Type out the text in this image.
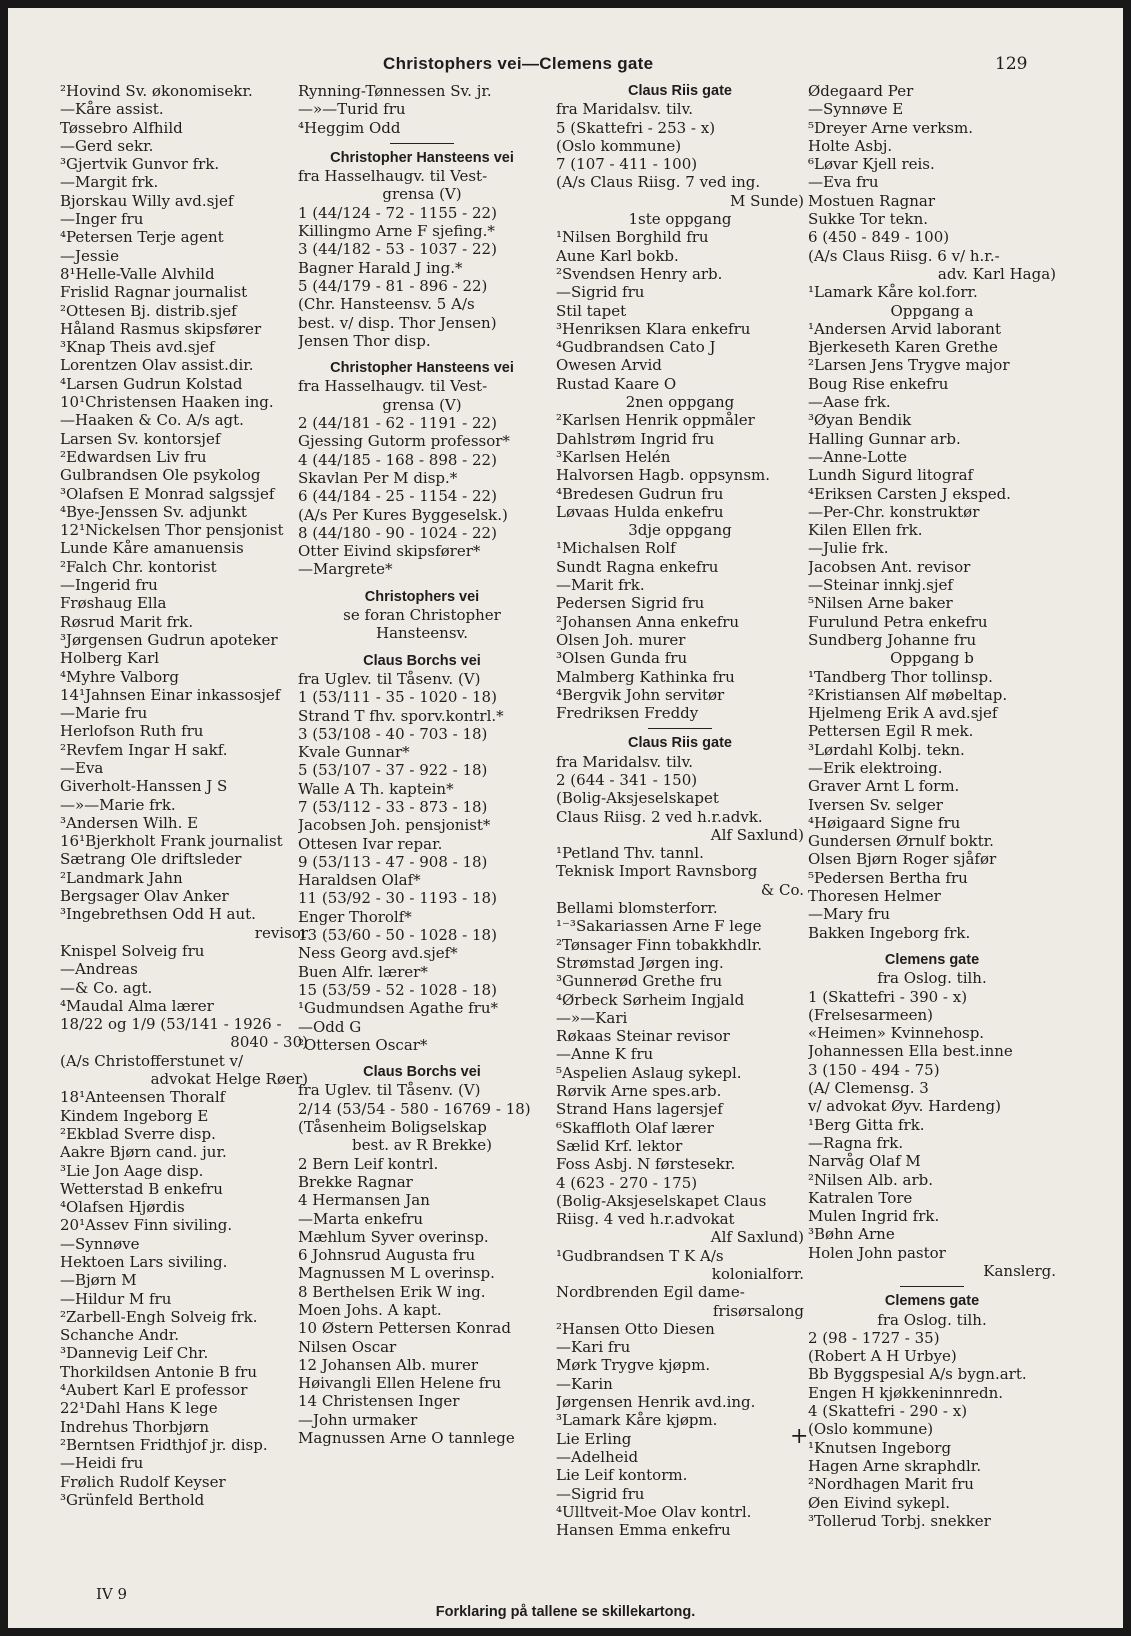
Christophers vei—Clemens gate	129
²Hovind Sv. økonomisekr.
—Kåre assist.
Tøssebro Alfhild
—Gerd sekr.
³Gjertvik Gunvor frk.
—Margit frk.
Bjorskau Willy avd.sjef
—Inger fru
⁴Petersen Terje agent
—Jessie
8¹Helle-Valle Alvhild
Frislid Ragnar journalist
²Ottesen Bj. distrib.sjef
Håland Rasmus skipsfører
³Knap Theis avd.sjef
Lorentzen Olav assist.dir.
⁴Larsen Gudrun Kolstad
10¹Christensen Haaken ing.
—Haaken & Co. A/s agt.
Larsen Sv. kontorsjef
²Edwardsen Liv fru
Gulbrandsen Ole psykolog
³Olafsen E Monrad salgssjef
⁴Bye-Jenssen Sv. adjunkt
12¹Nickelsen Thor pensjonist
Lunde Kåre amanuensis
²Falch Chr. kontorist
—Ingerid fru
Frøshaug Ella
Røsrud Marit frk.
³Jørgensen Gudrun apoteker
Holberg Karl
⁴Myhre Valborg
14¹Jahnsen Einar inkassosjef
—Marie fru
Herlofson Ruth fru
²Revfem Ingar H sakf.
—Eva
Giverholt-Hanssen J S
—»—Marie frk.
³Andersen Wilh. E
16¹Bjerkholt Frank journalist
Sætrang Ole driftsleder
²Landmark Jahn
Bergsager Olav Anker
³Ingebrethsen Odd H aut.
revisor
Knispel Solveig fru
—Andreas
—& Co. agt.
⁴Maudal Alma lærer
18/22 og 1/9 (53/141 - 1926 -
8040 - 30)
(A/s Christofferstunet v/
advokat Helge Røer)
18¹Anteensen Thoralf
Kindem Ingeborg E
²Ekblad Sverre disp.
Aakre Bjørn cand. jur.
³Lie Jon Aage disp.
Wetterstad B enkefru
⁴Olafsen Hjørdis
20¹Assev Finn siviling.
—Synnøve
Hektoen Lars siviling.
—Bjørn M
—Hildur M fru
²Zarbell-Engh Solveig frk.
Schanche Andr.
³Dannevig Leif Chr.
Thorkildsen Antonie B fru
⁴Aubert Karl E professor
22¹Dahl Hans K lege
Indrehus Thorbjørn
²Berntsen Fridthjof jr. disp.
—Heidi fru
Frølich Rudolf Keyser
³Grünfeld Berthold
Rynning-Tønnessen Sv. jr.
—»—Turid fru
⁴Heggim Odd
Christopher Hansteens vei
fra Hasselhaugv. til Vest-
grensa (V)
1 (44/124 - 72 - 1155 - 22)
Killingmo Arne F sjefing.*
3 (44/182 - 53 - 1037 - 22)
Bagner Harald J ing.*
5 (44/179 - 81 - 896 - 22)
(Chr. Hansteensv. 5 A/s
best. v/ disp. Thor Jensen)
Jensen Thor disp.
Christopher Hansteens vei
fra Hasselhaugv. til Vest-
grensa (V)
2 (44/181 - 62 - 1191 - 22)
Gjessing Gutorm professor*
4 (44/185 - 168 - 898 - 22)
Skavlan Per M disp.*
6 (44/184 - 25 - 1154 - 22)
(A/s Per Kures Byggeselsk.)
8 (44/180 - 90 - 1024 - 22)
Otter Eivind skipsfører*
—Margrete*
Christophers vei
se foran Christopher
Hansteensv.
Claus Borchs vei
fra Uglev. til Tåsenv. (V)
1 (53/111 - 35 - 1020 - 18)
Strand T fhv. sporv.kontrl.*
3 (53/108 - 40 - 703 - 18)
Kvale Gunnar*
5 (53/107 - 37 - 922 - 18)
Walle A Th. kaptein*
7 (53/112 - 33 - 873 - 18)
Jacobsen Joh. pensjonist*
Ottesen Ivar repar.
9 (53/113 - 47 - 908 - 18)
Haraldsen Olaf*
11 (53/92 - 30 - 1193 - 18)
Enger Thorolf*
13 (53/60 - 50 - 1028 - 18)
Ness Georg avd.sjef*
Buen Alfr. lærer*
15 (53/59 - 52 - 1028 - 18)
¹Gudmundsen Agathe fru*
—Odd G
²Ottersen Oscar*
Claus Borchs vei
fra Uglev. til Tåsenv. (V)
2/14 (53/54 - 580 - 16769 - 18)
(Tåsenheim Boligselskap
best. av R Brekke)
2 Bern Leif kontrl.
Brekke Ragnar
4 Hermansen Jan
—Marta enkefru
Mæhlum Syver overinsp.
6 Johnsrud Augusta fru
Magnussen M L overinsp.
8 Berthelsen Erik W ing.
Moen Johs. A kapt.
10 Østern Pettersen Konrad
Nilsen Oscar
12 Johansen Alb. murer
Høivangli Ellen Helene fru
14 Christensen Inger
—John urmaker
Magnussen Arne O tannlege
Claus Riis gate
fra Maridalsv. tilv.
5 (Skattefri - 253 - x)
(Oslo kommune)
7 (107 - 411 - 100)
(A/s Claus Riisg. 7 ved ing.
M Sunde)
1ste oppgang
¹Nilsen Borghild fru
Aune Karl bokb.
²Svendsen Henry arb.
—Sigrid fru
Stil tapet
³Henriksen Klara enkefru
⁴Gudbrandsen Cato J
Owesen Arvid
Rustad Kaare O
2nen oppgang
²Karlsen Henrik oppmåler
Dahlstrøm Ingrid fru
³Karlsen Helén
Halvorsen Hagb. oppsynsm.
⁴Bredesen Gudrun fru
Løvaas Hulda enkefru
3dje oppgang
¹Michalsen Rolf
Sundt Ragna enkefru
—Marit frk.
Pedersen Sigrid fru
²Johansen Anna enkefru
Olsen Joh. murer
³Olsen Gunda fru
Malmberg Kathinka fru
⁴Bergvik John servitør
Fredriksen Freddy
Claus Riis gate
fra Maridalsv. tilv.
2 (644 - 341 - 150)
(Bolig-Aksjeselskapet
Claus Riisg. 2 ved h.r.advk.
Alf Saxlund)
¹Petland Thv. tannl.
Teknisk Import Ravnsborg
& Co.
Bellami blomsterforr.
¹⁻³Sakariassen Arne F lege
²Tønsager Finn tobakkhdlr.
Strømstad Jørgen ing.
³Gunnerød Grethe fru
⁴Ørbeck Sørheim Ingjald
—»—Kari
Røkaas Steinar revisor
—Anne K fru
⁵Aspelien Aslaug sykepl.
Rørvik Arne spes.arb.
Strand Hans lagersjef
⁶Skaffloth Olaf lærer
Sælid Krf. lektor
Foss Asbj. N førstesekr.
4 (623 - 270 - 175)
(Bolig-Aksjeselskapet Claus
Riisg. 4 ved h.r.advokat
Alf Saxlund)
¹Gudbrandsen T K A/s
kolonialforr.
Nordbrenden Egil dame-
frisørsalong
²Hansen Otto Diesen
—Kari fru
Mørk Trygve kjøpm.
—Karin
Jørgensen Henrik avd.ing.
³Lamark Kåre kjøpm.
Lie Erling
—Adelheid
Lie Leif kontorm.
—Sigrid fru
⁴Ulltveit-Moe Olav kontrl.
Hansen Emma enkefru
Ødegaard Per
—Synnøve E
⁵Dreyer Arne verksm.
Holte Asbj.
⁶Løvar Kjell reis.
—Eva fru
Mostuen Ragnar
Sukke Tor tekn.
6 (450 - 849 - 100)
(A/s Claus Riisg. 6 v/ h.r.-
adv. Karl Haga)
¹Lamark Kåre kol.forr.
Oppgang a
¹Andersen Arvid laborant
Bjerkeseth Karen Grethe
²Larsen Jens Trygve major
Boug Rise enkefru
—Aase frk.
³Øyan Bendik
Halling Gunnar arb.
—Anne-Lotte
Lundh Sigurd litograf
⁴Eriksen Carsten J eksped.
—Per-Chr. konstruktør
Kilen Ellen frk.
—Julie frk.
Jacobsen Ant. revisor
—Steinar innkj.sjef
⁵Nilsen Arne baker
Furulund Petra enkefru
Sundberg Johanne fru
Oppgang b
¹Tandberg Thor tollinsp.
²Kristiansen Alf møbeltap.
Hjelmeng Erik A avd.sjef
Pettersen Egil R mek.
³Lørdahl Kolbj. tekn.
—Erik elektroing.
Graver Arnt L form.
Iversen Sv. selger
⁴Høigaard Signe fru
Gundersen Ørnulf boktr.
Olsen Bjørn Roger sjåfør
⁵Pedersen Bertha fru
Thoresen Helmer
—Mary fru
Bakken Ingeborg frk.
Clemens gate
fra Oslog. tilh.
1 (Skattefri - 390 - x)
(Frelsesarmeen)
«Heimen» Kvinnehosp.
Johannessen Ella best.inne
3 (150 - 494 - 75)
(A/ Clemensg. 3
v/ advokat Øyv. Hardeng)
¹Berg Gitta frk.
—Ragna frk.
Narvåg Olaf M
²Nilsen Alb. arb.
Katralen Tore
Mulen Ingrid frk.
³Bøhn Arne
Holen John pastor
Kanslerg.
Clemens gate
fra Oslog. tilh.
2 (98 - 1727 - 35)
(Robert A H Urbye)
Bb Byggspesial A/s bygn.art.
Engen H kjøkkeninnredn.
4 (Skattefri - 290 - x)
(Oslo kommune)
¹Knutsen Ingeborg
Hagen Arne skraphdlr.
²Nordhagen Marit fru
Øen Eivind sykepl.
³Tollerud Torbj. snekker
+
IV 9
Forklaring på tallene se skillekartong.
